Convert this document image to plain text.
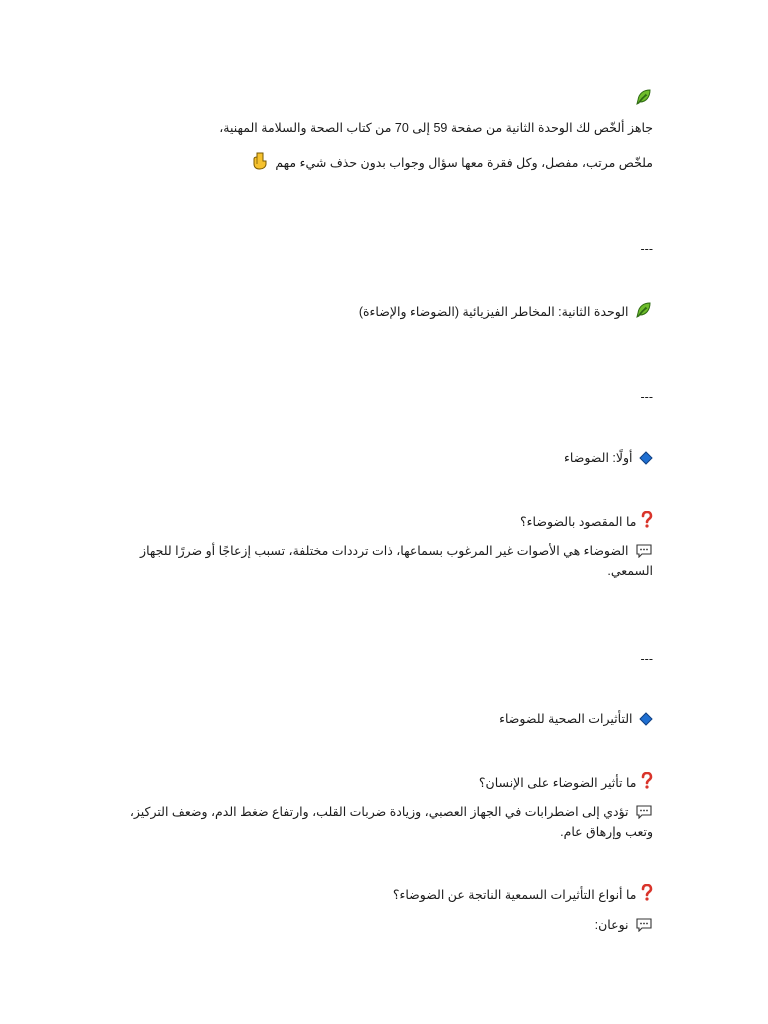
جاهز ألخّص لك الوحدة الثانية من صفحة 59 إلى 70 من كتاب الصحة والسلامة المهنية،
ملخّص مرتب، مفصل، وكل فقرة معها سؤال وجواب بدون حذف شيء مهم
---
الوحدة الثانية: المخاطر الفيزيائية (الضوضاء والإضاءة)
---
أولًا: الضوضاء
ما المقصود بالضوضاء؟
الضوضاء هي الأصوات غير المرغوب بسماعها، ذات ترددات مختلفة، تسبب إزعاجًا أو ضررًا للجهاز السمعي.
---
التأثيرات الصحية للضوضاء
ما تأثير الضوضاء على الإنسان؟
تؤدي إلى اضطرابات في الجهاز العصبي، وزيادة ضربات القلب، وارتفاع ضغط الدم، وضعف التركيز، وتعب وإرهاق عام.
ما أنواع التأثيرات السمعية الناتجة عن الضوضاء؟
نوعان:
